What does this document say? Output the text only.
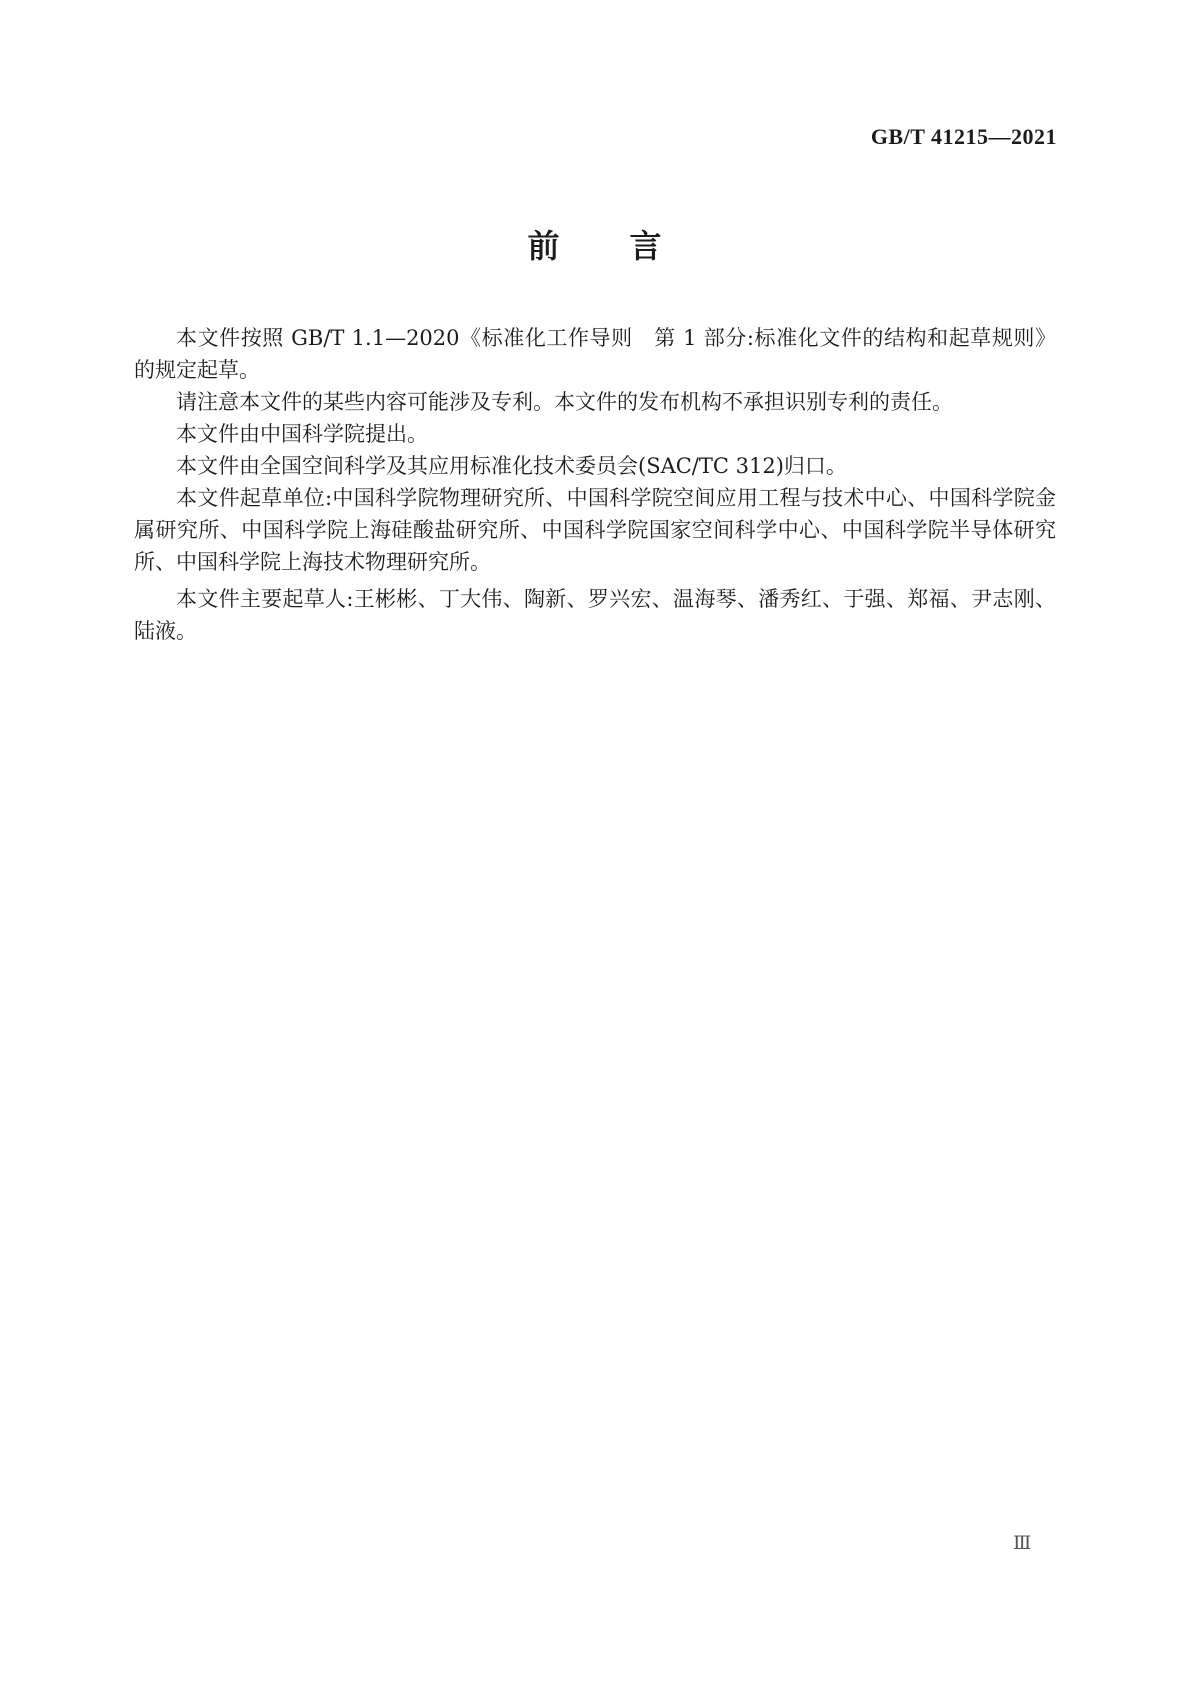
GB/T 41215—2021
前　　言

本文件按照 GB/T 1.1—2020《标准化工作导则　第 1 部分:标准化文件的结构和起草规则》的规定起草。

请注意本文件的某些内容可能涉及专利。本文件的发布机构不承担识别专利的责任。

本文件由中国科学院提出。

本文件由全国空间科学及其应用标准化技术委员会(SAC/TC 312)归口。

本文件起草单位:中国科学院物理研究所、中国科学院空间应用工程与技术中心、中国科学院金属研究所、中国科学院上海硅酸盐研究所、中国科学院国家空间科学中心、中国科学院半导体研究所、中国科学院上海技术物理研究所。

本文件主要起草人:王彬彬、丁大伟、陶新、罗兴宏、温海琴、潘秀红、于强、郑福、尹志刚、陆液。

Ⅲ
